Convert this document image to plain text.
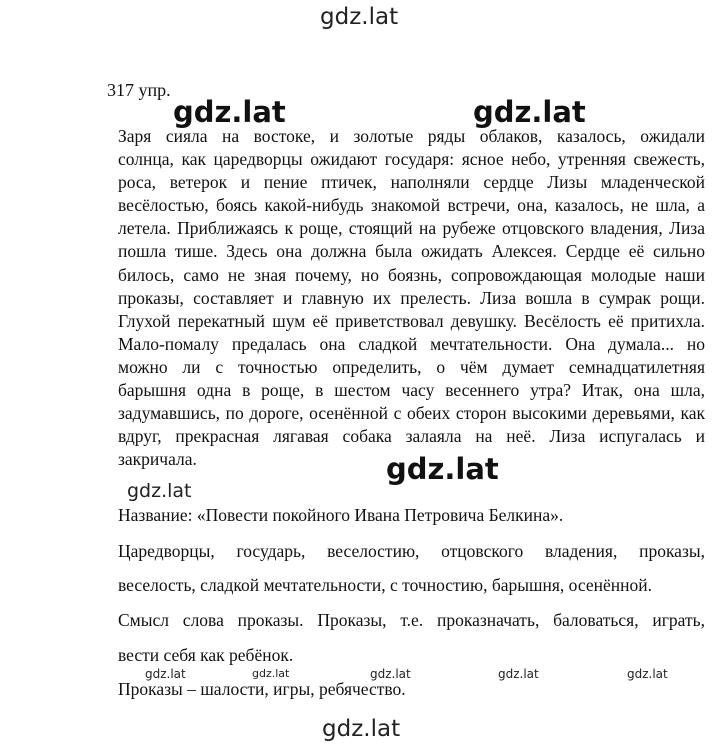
gdz.lat
317 упр.
Заря сияла на востоке, и золотые ряды облаков, казалось, ожидали
солнца, как царедворцы ожидают государя: ясное небо, утренняя свежесть,
роса, ветерок и пение птичек, наполняли сердце Лизы младенческой
весёлостью, боясь какой-нибудь знакомой встречи, она, казалось, не шла, а
летела. Приближаясь к роще, стоящий на рубеже отцовского владения, Лиза
пошла тише. Здесь она должна была ожидать Алексея. Сердце её сильно
билось, само не зная почему, но боязнь, сопровождающая молодые наши
проказы, составляет и главную их прелесть. Лиза вошла в сумрак рощи.
Глухой перекатный шум её приветствовал девушку. Весёлость её притихла.
Мало-помалу предалась она сладкой мечтательности. Она думала... но
можно ли с точностью определить, о чём думает семнадцатилетняя
барышня одна в роще, в шестом часу весеннего утра? Итак, она шла,
задумавшись, по дороге, осенённой с обеих сторон высокими деревьями, как
вдруг, прекрасная лягавая собака залаяла на неё. Лиза испугалась и
закричала.
gdz.lat	gdz.lat
gdz.lat
gdz.lat
Название: «Повести покойного Ивана Петровича Белкина».
Царедворцы, государь, веселостию, отцовского владения, проказы,
веселость, сладкой мечтательности, с точностию, барышня, осенённой.
Смысл слова проказы. Проказы, т.е. проказначать, баловаться, играть,
вести себя как ребёнок.
Проказы – шалости, игры, ребячество.
gdz.lat	gdz.lat	gdz.lat	gdz.lat	gdz.lat
gdz.lat
